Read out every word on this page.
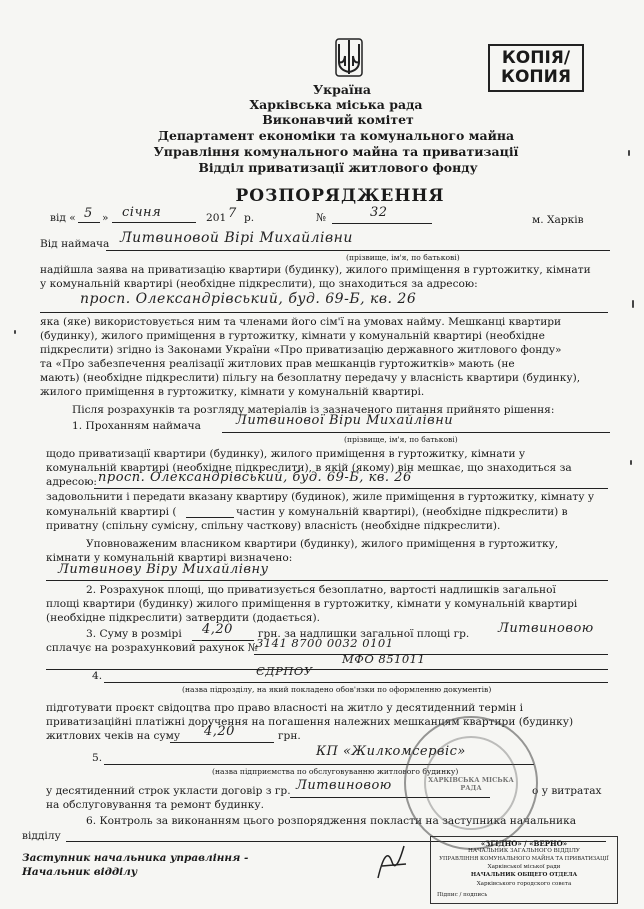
КОПІЯ/
КОПИЯ
Україна
Харківська міська рада
Виконавчий комітет
Департамент економіки та комунального майна
Управління комунального майна та приватизації
Відділ приватизації житлового фонду
РОЗПОРЯДЖЕННЯ
від « 5 » січня	201 7 р.	№	32	м. Харків
Від наймача Литвиновой Вірі Михайлівни
(прізвище, ім'я, по батькові)
надійшла заява на приватизацію квартири (будинку), жилого приміщення в гуртожитку, кімнати
у комунальній квартирі (необхідне підкреслити), що знаходиться за адресою:
просп. Олександрівський, буд. 69-Б, кв. 26
яка (яке) використовується ним та членами його сім'ї на умовах найму. Мешканці квартири
(будинку), жилого приміщення в гуртожитку, кімнати у комунальній квартирі (необхідне
підкреслити) згідно із Законами України «Про приватизацію державного житлового фонду»
та «Про забезпечення реалізації житлових прав мешканців гуртожитків» мають (не
мають) (необхідне підкреслити) пільгу на безоплатну передачу у власність квартири (будинку),
жилого приміщення в гуртожитку, кімнати у комунальній квартирі.
Після розрахунків та розгляду матеріалів із зазначеного питання прийнято рішення:
1. Проханням наймача	Литвинової Віри Михайлівни
(прізвище, ім'я, по батькові)
щодо приватизації квартири (будинку), жилого приміщення в гуртожитку, кімнати у
комунальній квартирі (необхідне підкреслити), в якій (якому) він мешкає, що знаходиться за
адресою: просп. Олександрівський, буд. 69-Б, кв. 26
задовольнити і передати вказану квартиру (будинок), жиле приміщення в гуртожитку, кімнату у
комунальній квартирі (	частин у комунальній квартирі), (необхідне підкреслити) в
приватну (спільну сумісну, спільну часткову) власність (необхідне підкреслити).
Уповноваженим власником квартири (будинку), жилого приміщення в гуртожитку,
кімнати у комунальній квартирі визначено:
Литвинову Віру Михайлівну
2. Розрахунок площі, що приватизується безоплатно, вартості надлишків загальної
площі квартири (будинку) жилого приміщення в гуртожитку, кімнати у комунальній квартирі
(необхідне підкреслити) затвердити (додається).
3. Суму в розмірі 4,20 грн. за надлишки загальної площі гр. Литвиновою
сплачує на розрахунковий рахунок №
3141 8700 0032 0101
МФО 851011
4.	ЄДРПОУ
(назва підрозділу, на який покладено обов'язки по оформленню документів)
підготувати проєкт свідоцтва про право власності на житло у десятиденний термін і
приватизаційні платіжні доручення на погашення належних мешканцям квартири (будинку)
житлових чеків на суму 4,20	грн.
5.	КП «Жилкомсервіс»
(назва підприємства по обслуговуванню житлового будинку)
у десятиденний строк укласти договір з гр. Литвиновою	о у витратах
на обслуговування та ремонт будинку.
6. Контроль за виконанням цього розпорядження покласти на заступника начальника
відділу
Заступник начальника управління -
Начальник відділу
ХАРКІВСЬКА МІСЬКА РАДА
«ЗГІДНО» / «ВЕРНО»
НАЧАЛЬНИК ЗАГАЛЬНОГО ВІДДІЛУ
УПРАВЛІННЯ КОМУНАЛЬНОГО МАЙНА ТА ПРИВАТИЗАЦІЇ
Харківської міської ради
НАЧАЛЬНИК ОБЩЕГО ОТДЕЛА
Харківського городского совета
Підпис / подпись
